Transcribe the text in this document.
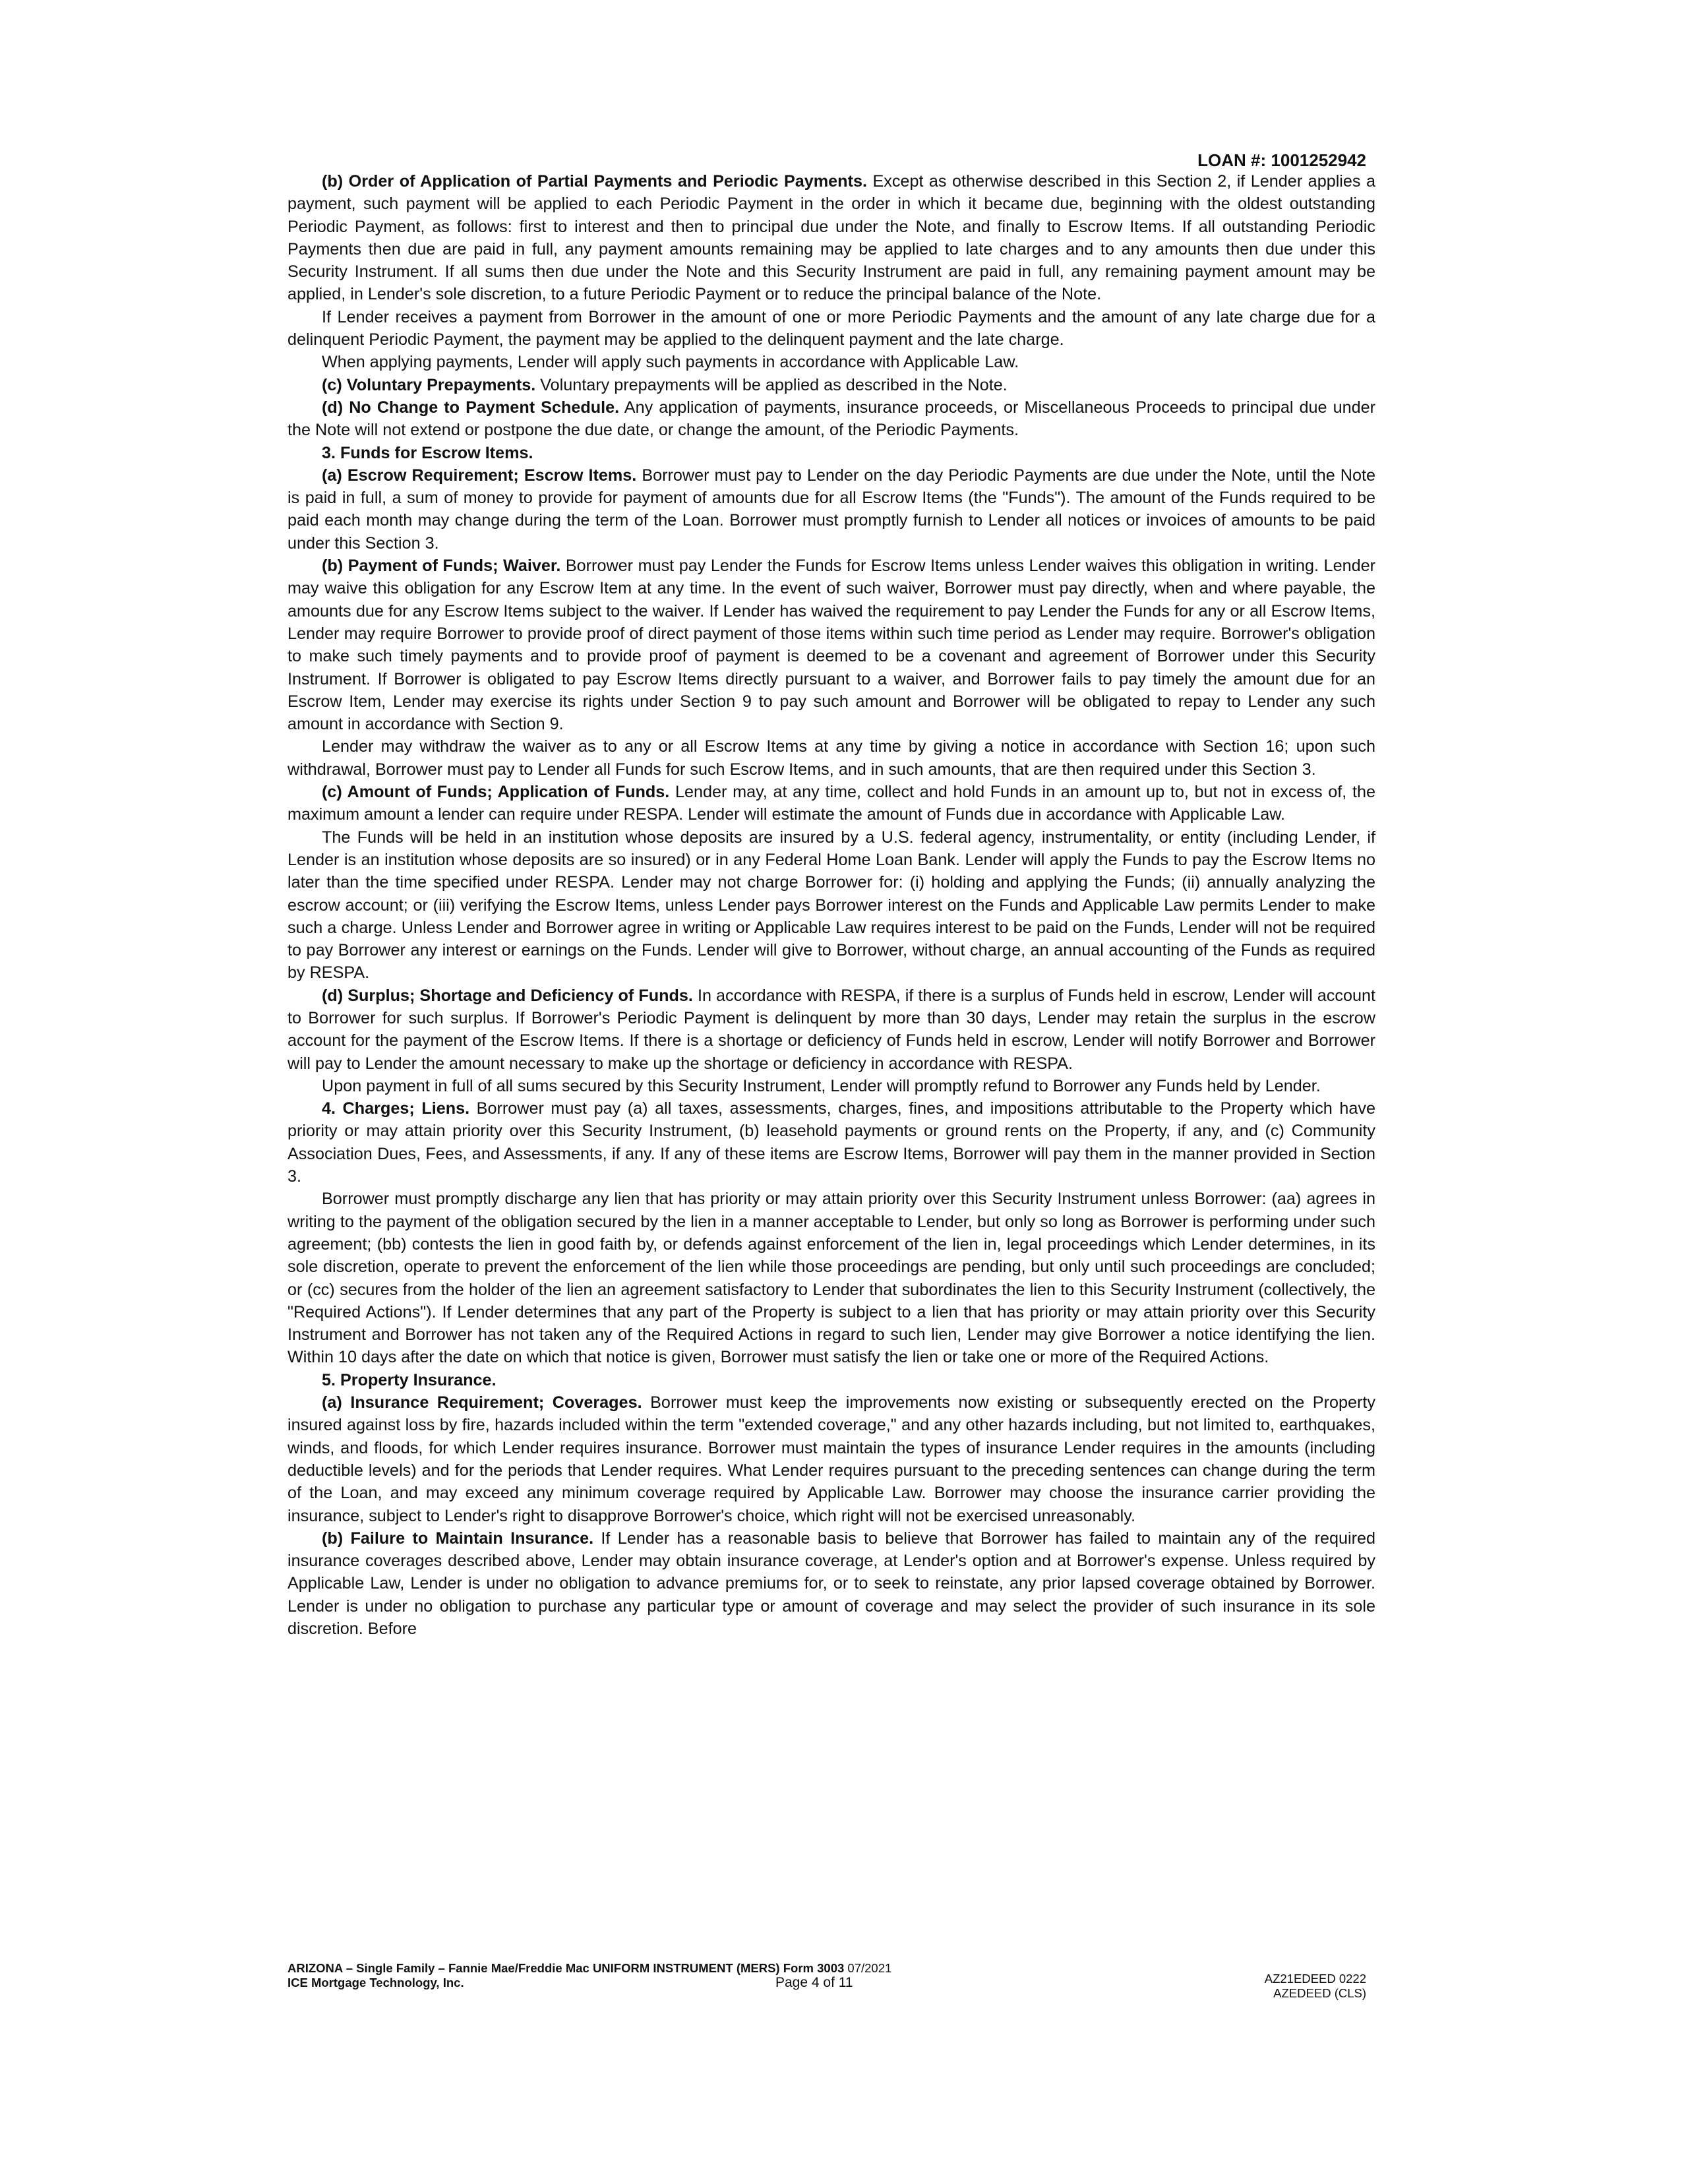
LOAN #: 1001252942

(b) Order of Application of Partial Payments and Periodic Payments. Except as otherwise described in this Section 2, if Lender applies a payment, such payment will be applied to each Periodic Payment in the order in which it became due, beginning with the oldest outstanding Periodic Payment, as follows: first to interest and then to principal due under the Note, and finally to Escrow Items. If all outstanding Periodic Payments then due are paid in full, any payment amounts remaining may be applied to late charges and to any amounts then due under this Security Instrument. If all sums then due under the Note and this Security Instrument are paid in full, any remaining payment amount may be applied, in Lender's sole discretion, to a future Periodic Payment or to reduce the principal balance of the Note.

If Lender receives a payment from Borrower in the amount of one or more Periodic Payments and the amount of any late charge due for a delinquent Periodic Payment, the payment may be applied to the delinquent payment and the late charge.

When applying payments, Lender will apply such payments in accordance with Applicable Law.

(c) Voluntary Prepayments. Voluntary prepayments will be applied as described in the Note.

(d) No Change to Payment Schedule. Any application of payments, insurance proceeds, or Miscellaneous Proceeds to principal due under the Note will not extend or postpone the due date, or change the amount, of the Periodic Payments.

3. Funds for Escrow Items.

(a) Escrow Requirement; Escrow Items. Borrower must pay to Lender on the day Periodic Payments are due under the Note, until the Note is paid in full, a sum of money to provide for payment of amounts due for all Escrow Items (the "Funds"). The amount of the Funds required to be paid each month may change during the term of the Loan. Borrower must promptly furnish to Lender all notices or invoices of amounts to be paid under this Section 3.

(b) Payment of Funds; Waiver. Borrower must pay Lender the Funds for Escrow Items unless Lender waives this obligation in writing. Lender may waive this obligation for any Escrow Item at any time. In the event of such waiver, Borrower must pay directly, when and where payable, the amounts due for any Escrow Items subject to the waiver. If Lender has waived the requirement to pay Lender the Funds for any or all Escrow Items, Lender may require Borrower to provide proof of direct payment of those items within such time period as Lender may require. Borrower's obligation to make such timely payments and to provide proof of payment is deemed to be a covenant and agreement of Borrower under this Security Instrument. If Borrower is obligated to pay Escrow Items directly pursuant to a waiver, and Borrower fails to pay timely the amount due for an Escrow Item, Lender may exercise its rights under Section 9 to pay such amount and Borrower will be obligated to repay to Lender any such amount in accordance with Section 9.

Lender may withdraw the waiver as to any or all Escrow Items at any time by giving a notice in accordance with Section 16; upon such withdrawal, Borrower must pay to Lender all Funds for such Escrow Items, and in such amounts, that are then required under this Section 3.

(c) Amount of Funds; Application of Funds. Lender may, at any time, collect and hold Funds in an amount up to, but not in excess of, the maximum amount a lender can require under RESPA. Lender will estimate the amount of Funds due in accordance with Applicable Law.

The Funds will be held in an institution whose deposits are insured by a U.S. federal agency, instrumentality, or entity (including Lender, if Lender is an institution whose deposits are so insured) or in any Federal Home Loan Bank. Lender will apply the Funds to pay the Escrow Items no later than the time specified under RESPA. Lender may not charge Borrower for: (i) holding and applying the Funds; (ii) annually analyzing the escrow account; or (iii) verifying the Escrow Items, unless Lender pays Borrower interest on the Funds and Applicable Law permits Lender to make such a charge. Unless Lender and Borrower agree in writing or Applicable Law requires interest to be paid on the Funds, Lender will not be required to pay Borrower any interest or earnings on the Funds. Lender will give to Borrower, without charge, an annual accounting of the Funds as required by RESPA.

(d) Surplus; Shortage and Deficiency of Funds. In accordance with RESPA, if there is a surplus of Funds held in escrow, Lender will account to Borrower for such surplus. If Borrower's Periodic Payment is delinquent by more than 30 days, Lender may retain the surplus in the escrow account for the payment of the Escrow Items. If there is a shortage or deficiency of Funds held in escrow, Lender will notify Borrower and Borrower will pay to Lender the amount necessary to make up the shortage or deficiency in accordance with RESPA.

Upon payment in full of all sums secured by this Security Instrument, Lender will promptly refund to Borrower any Funds held by Lender.

4. Charges; Liens. Borrower must pay (a) all taxes, assessments, charges, fines, and impositions attributable to the Property which have priority or may attain priority over this Security Instrument, (b) leasehold payments or ground rents on the Property, if any, and (c) Community Association Dues, Fees, and Assessments, if any. If any of these items are Escrow Items, Borrower will pay them in the manner provided in Section 3.

Borrower must promptly discharge any lien that has priority or may attain priority over this Security Instrument unless Borrower: (aa) agrees in writing to the payment of the obligation secured by the lien in a manner acceptable to Lender, but only so long as Borrower is performing under such agreement; (bb) contests the lien in good faith by, or defends against enforcement of the lien in, legal proceedings which Lender determines, in its sole discretion, operate to prevent the enforcement of the lien while those proceedings are pending, but only until such proceedings are concluded; or (cc) secures from the holder of the lien an agreement satisfactory to Lender that subordinates the lien to this Security Instrument (collectively, the "Required Actions"). If Lender determines that any part of the Property is subject to a lien that has priority or may attain priority over this Security Instrument and Borrower has not taken any of the Required Actions in regard to such lien, Lender may give Borrower a notice identifying the lien. Within 10 days after the date on which that notice is given, Borrower must satisfy the lien or take one or more of the Required Actions.

5. Property Insurance.

(a) Insurance Requirement; Coverages. Borrower must keep the improvements now existing or subsequently erected on the Property insured against loss by fire, hazards included within the term "extended coverage," and any other hazards including, but not limited to, earthquakes, winds, and floods, for which Lender requires insurance. Borrower must maintain the types of insurance Lender requires in the amounts (including deductible levels) and for the periods that Lender requires. What Lender requires pursuant to the preceding sentences can change during the term of the Loan, and may exceed any minimum coverage required by Applicable Law. Borrower may choose the insurance carrier providing the insurance, subject to Lender's right to disapprove Borrower's choice, which right will not be exercised unreasonably.

(b) Failure to Maintain Insurance. If Lender has a reasonable basis to believe that Borrower has failed to maintain any of the required insurance coverages described above, Lender may obtain insurance coverage, at Lender's option and at Borrower's expense. Unless required by Applicable Law, Lender is under no obligation to advance premiums for, or to seek to reinstate, any prior lapsed coverage obtained by Borrower. Lender is under no obligation to purchase any particular type or amount of coverage and may select the provider of such insurance in its sole discretion. Before

ARIZONA – Single Family – Fannie Mae/Freddie Mac UNIFORM INSTRUMENT (MERS) Form 3003 07/2021
ICE Mortgage Technology, Inc.	Page 4 of 11	AZ21EDEED 0222
AZEDEED (CLS)
